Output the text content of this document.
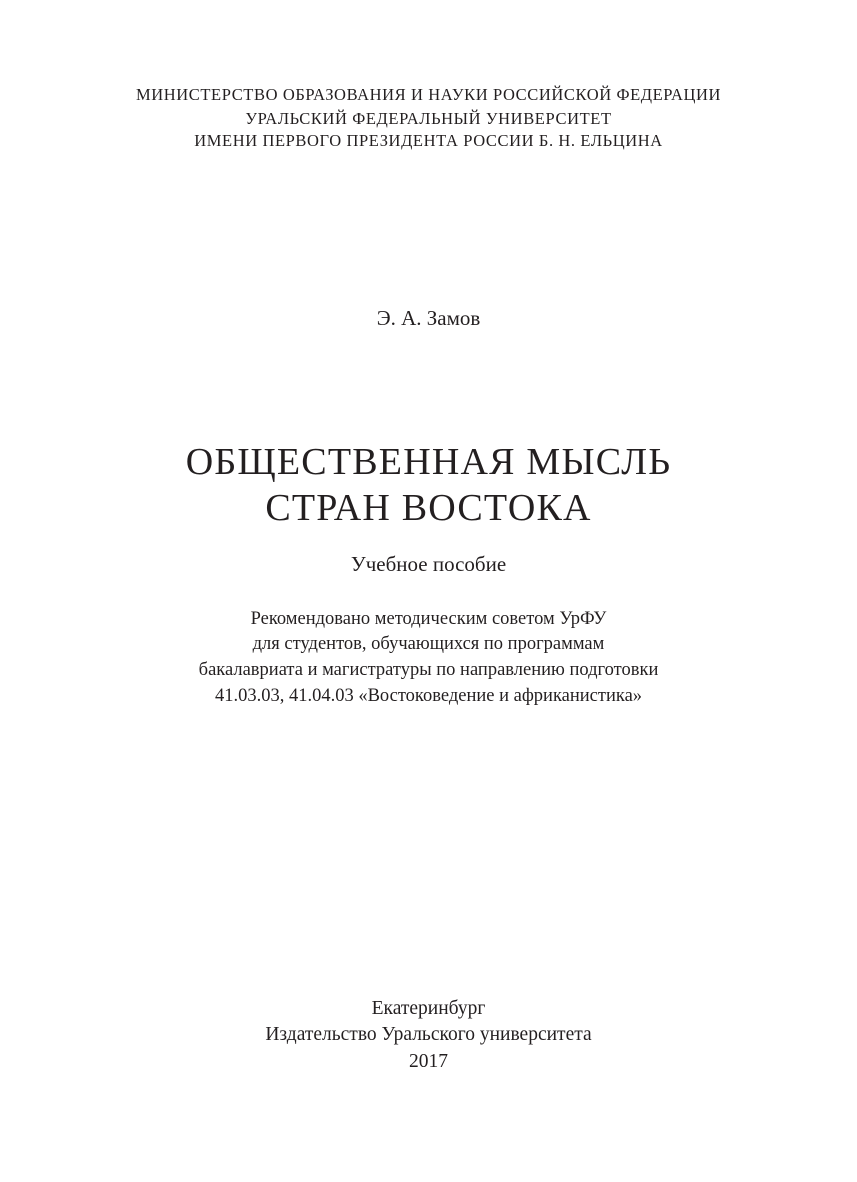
МИНИСТЕРСТВО ОБРАЗОВАНИЯ И НАУКИ РОССИЙСКОЙ ФЕДЕРАЦИИ
УРАЛЬСКИЙ ФЕДЕРАЛЬНЫЙ УНИВЕРСИТЕТ
ИМЕНИ ПЕРВОГО ПРЕЗИДЕНТА РОССИИ Б. Н. ЕЛЬЦИНА
Э. А. Замов
ОБЩЕСТВЕННАЯ МЫСЛЬ
СТРАН ВОСТОКА
Учебное пособие
Рекомендовано методическим советом УрФУ
для студентов, обучающихся по программам
бакалавриата и магистратуры по направлению подготовки
41.03.03, 41.04.03 «Востоковедение и африканистика»
Екатеринбург
Издательство Уральского университета
2017
